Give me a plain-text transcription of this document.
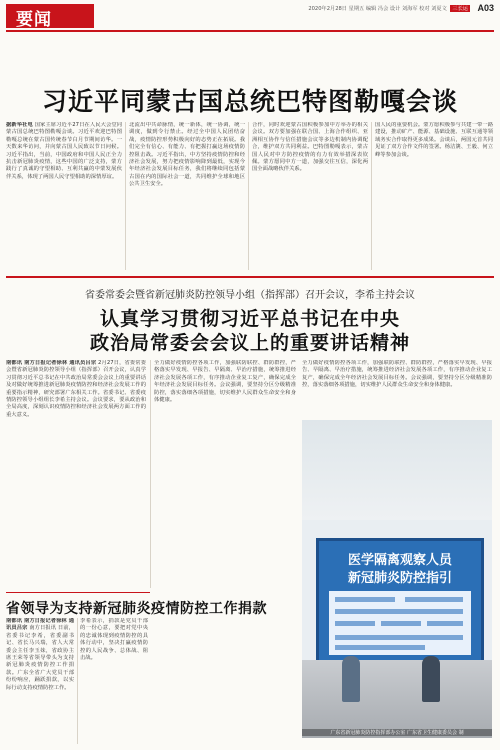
要闻
2020年2月28日 星期五 编辑 冯会 设计 刘海军 校对 刘夏文 三长运	A03
习近平同蒙古国总统巴特图勒嘎会谈
据新华社电 国家主席习近平27日在人民大会堂同蒙古国总统巴特图勒嘎会谈。习近平欢迎巴特图勒嘎总统在蒙古国传统春节白月节期间访华。一天数来华访问，并向蒙古国人民致以节日问候。习近平指出，当前，中国政府和中国人民正全力抗击新冠肺炎疫情，这些中国的广泛支持，蒙方践行了真诚的守望相助、互利共赢的中蒙发展伙伴关系，体现了两国人民守望相助的深情厚谊。
北流出中共命脉情，统一新体，统一协调，统一调度，做到令行禁止。经过全中国人民团结奋战，疫情防控形势积极向好的态势正在拓展。我们完全有信心、有能力、有把握打赢这场疫情防控阻击战。习近平指出，中方坚持疫情防控和经济社会发展，努力把疫情影响降到最低，实现今年经济社会发展目标任务，我们将继续同包括蒙古国在内的国际社会一道，共同维护全球和地区公共卫生安全。
合作，同时欢迎蒙古国积极参加中方举办的相关会议。双方要加强在联合国、上海合作组织、亚洲相互协作与信任措施会议等多边机制内协调配合，维护双方共同利益。巴特图勒嘎表示，蒙古国人民对中方防控疫情的有力有效举措深表钦佩。蒙方愿同中方一道，加强交往互信，深化两国全面战略伙伴关系。
国人民的重要机会。蒙方愿积极参与共建一带一路建设，推动矿产、能源、基础设施、互联互通等领域务实合作取得更多成果。会谈后，两国元首共同见证了双方合作文件的签署。杨洁篪、王毅、何立峰等参加会谈。
省委常委会暨省新冠肺炎防控领导小组（指挥部）召开会议，李希主持会议
认真学习贯彻习近平总书记在中央
政治局常委会会议上的重要讲话精神
南都讯 南方日报记者徐林 通讯员吕宗 2月27日，省委常委会暨省新冠肺炎防控领导小组（指挥部）召开会议，认真学习贯彻习近平总书记在中共政治局常委会会议上的重要讲话及对做好统筹推进新冠肺炎疫情防控和经济社会发展工作的重要指示精神，研究部署广东相关工作。省委书记、省委疫情防控领导小组组长李希主持会议。会议要求，要从政治和全局高度，深刻认识疫情防控和经济社会发展两方面工作的重大意义。
全力做好疫情防控各项工作，加强联防联控、群防群控，严格落实早发现、早报告、早隔离、早治疗措施，统筹推进经济社会发展各项工作，有序推动企业复工复产，确保完成全年经济社会发展目标任务。会议强调，要坚持分区分级精准防控，落实落细各项措施，切实维护人民群众生命安全和身体健康。
全力做好疫情防控各项工作，加强联防联控、群防群控，严格落实早发现、早报告、早隔离、早治疗措施，统筹推进经济社会发展各项工作，有序推动企业复工复产，确保完成全年经济社会发展目标任务。会议强调，要坚持分区分级精准防控，落实落细各项措施，切实维护人民群众生命安全和身体健康。
医学隔离观察人员
新冠肺炎防控指引
广东省新冠肺炎防控指挥部办公室 广东省卫生健康委员会 制
省领导为支持新冠肺炎疫情防控工作捐款
南都讯 南方日报记者徐林 通讯员吕宗 南方日报讯 日前，省委书记李希，省委副书记、省长马兴瑞，省人大常委会主任李玉妹，省政协主席王荣等省领导带头为支持新冠肺炎疫情防控工作捐款。广东全省广大党员干部纷纷响应，踊跃捐款，以实际行动支持疫情防控工作。
李希表示，捐款是党员干部的一份心意，要把对党中央的忠诚体现到疫情防控的具体行动中，坚决打赢疫情防控的人民战争、总体战、阻击战。
